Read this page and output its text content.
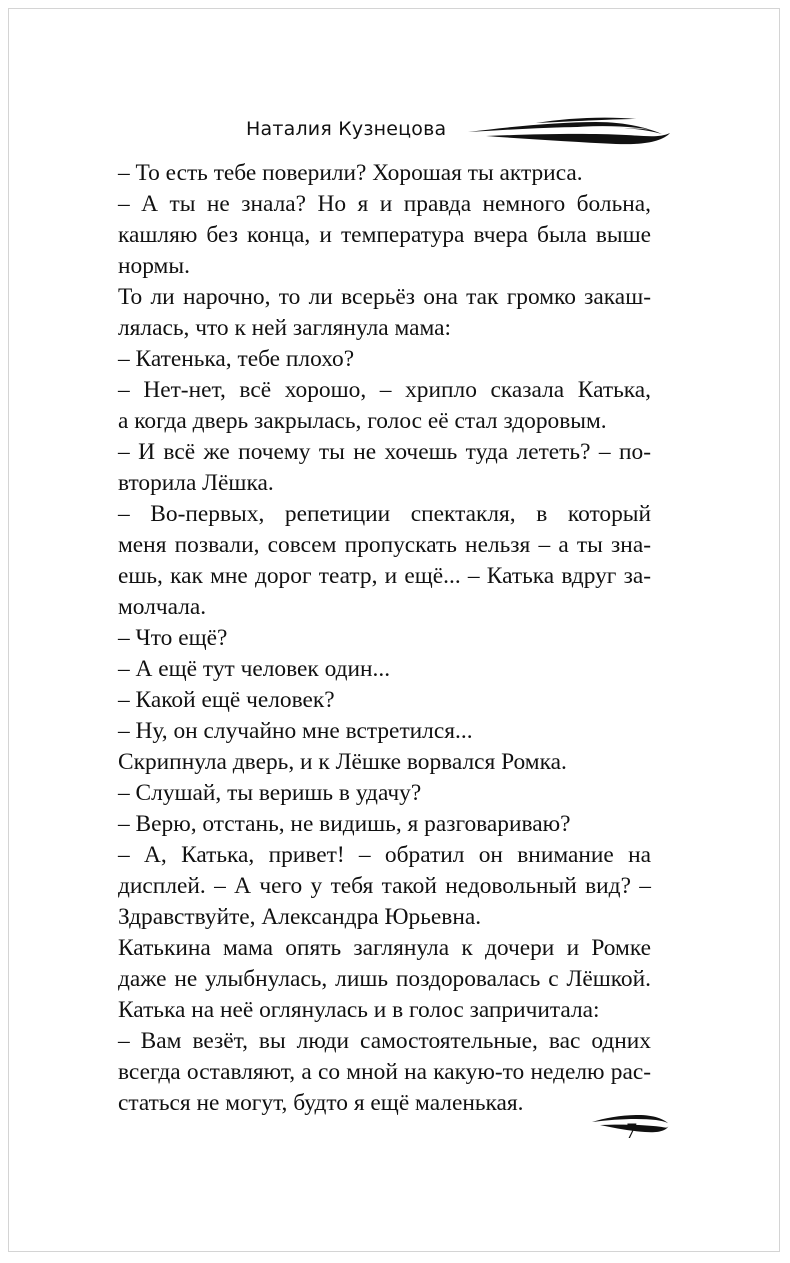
Наталия Кузнецова
– То есть тебе поверили? Хорошая ты актриса.
– А ты не знала? Но я и правда немного больна,
кашляю без конца, и температура вчера была выше
нормы.
То ли нарочно, то ли всерьёз она так громко закаш-
лялась, что к ней заглянула мама:
– Катенька, тебе плохо?
– Нет-нет, всё хорошо, – хрипло сказала Катька,
а когда дверь закрылась, голос её стал здоровым.
– И всё же почему ты не хочешь туда лететь? – по-
вторила Лёшка.
– Во-первых, репетиции спектакля, в который
меня позвали, совсем пропускать нельзя – а ты зна-
ешь, как мне дорог театр, и ещё... – Катька вдруг за-
молчала.
– Что ещё?
– А ещё тут человек один...
– Какой ещё человек?
– Ну, он случайно мне встретился...
Скрипнула дверь, и к Лёшке ворвался Ромка.
– Слушай, ты веришь в удачу?
– Верю, отстань, не видишь, я разговариваю?
– А, Катька, привет! – обратил он внимание на
дисплей. – А чего у тебя такой недовольный вид? –
Здравствуйте, Александра Юрьевна.
Катькина мама опять заглянула к дочери и Ромке
даже не улыбнулась, лишь поздоровалась с Лёшкой.
Катька на неё оглянулась и в голос запричитала:
– Вам везёт, вы люди самостоятельные, вас одних
всегда оставляют, а со мной на какую-то неделю рас-
статься не могут, будто я ещё маленькая.
7
